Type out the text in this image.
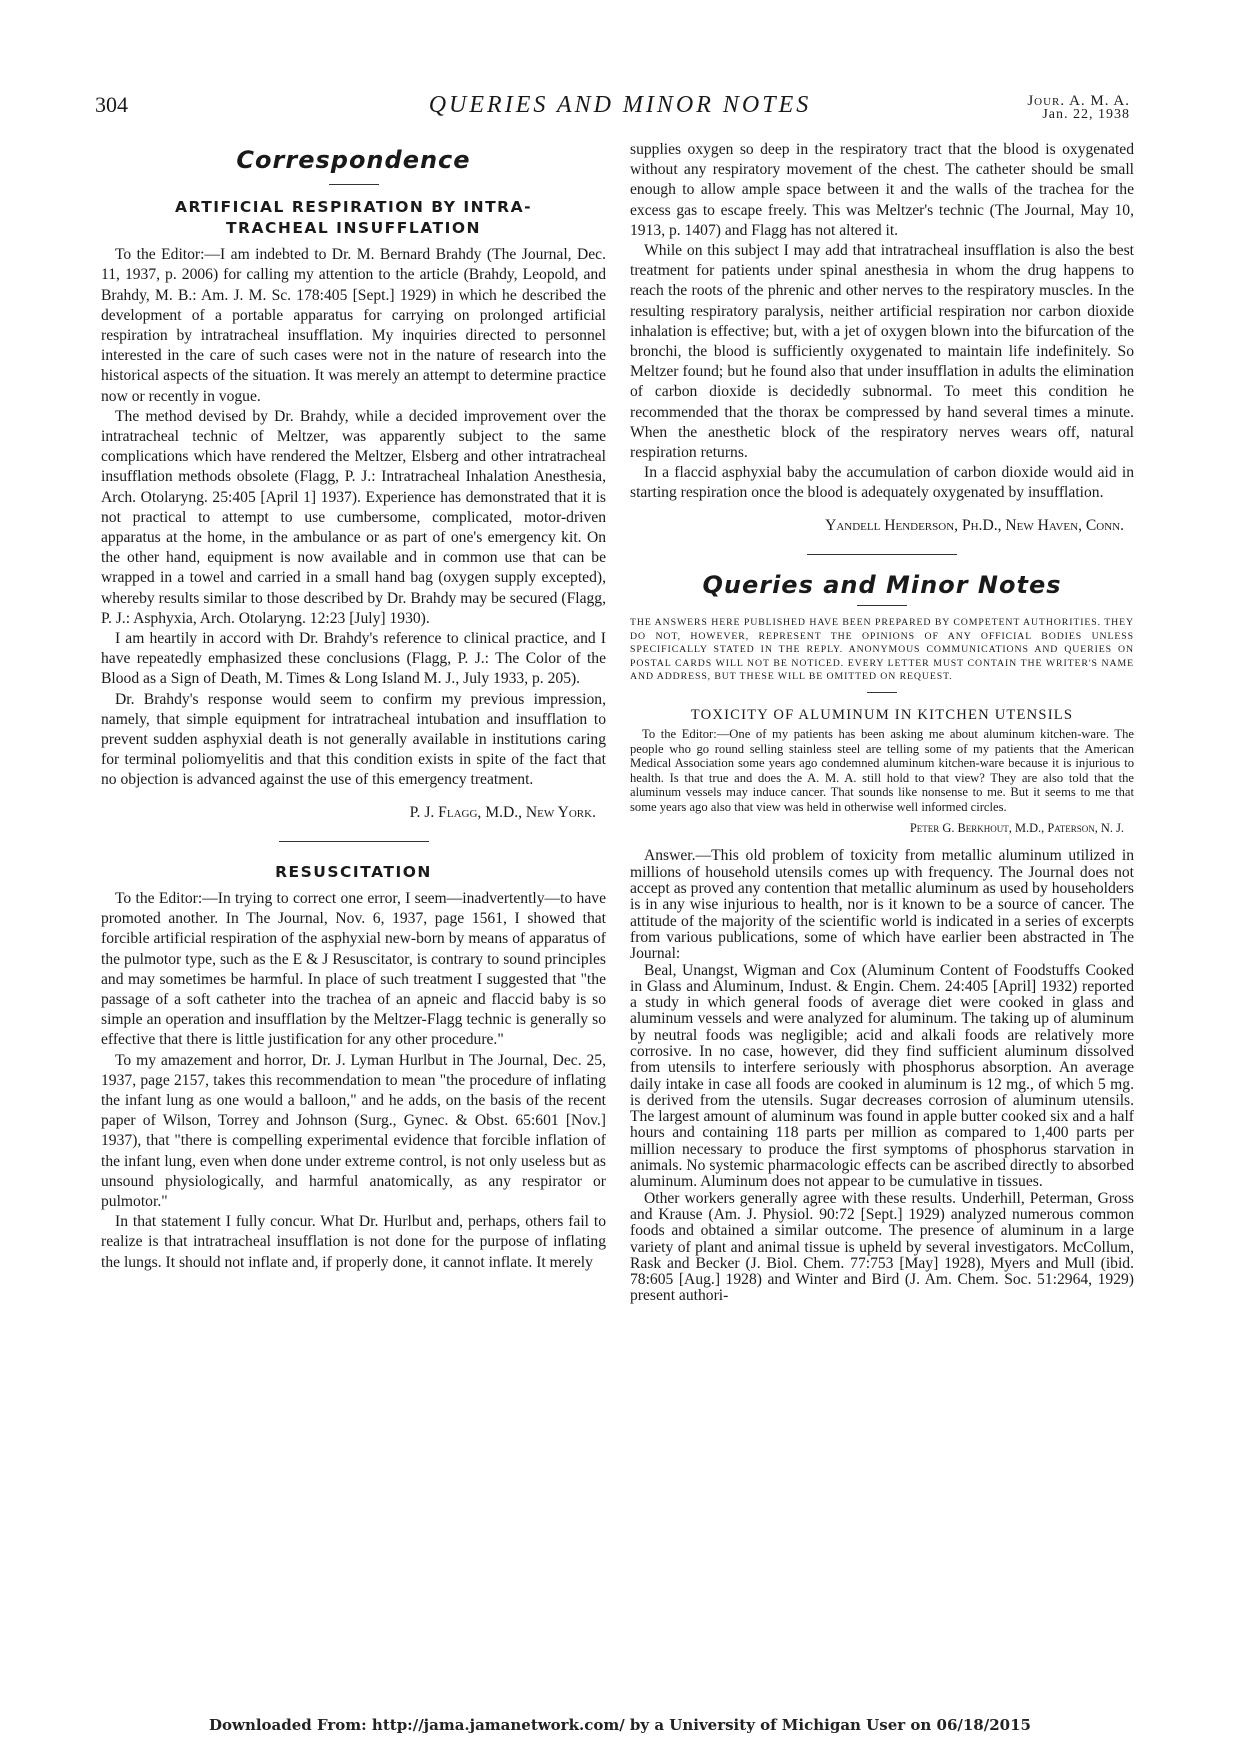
304	QUERIES AND MINOR NOTES	Jour. A. M. A.
Jan. 22, 1938
Correspondence
ARTIFICIAL RESPIRATION BY INTRA-
TRACHEAL INSUFFLATION

To the Editor:—I am indebted to Dr. M. Bernard Brahdy (The Journal, Dec. 11, 1937, p. 2006) for calling my attention to the article (Brahdy, Leopold, and Brahdy, M. B.: Am. J. M. Sc. 178:405 [Sept.] 1929) in which he described the development of a portable apparatus for carrying on prolonged artificial respiration by intratracheal insufflation. My inquiries directed to personnel interested in the care of such cases were not in the nature of research into the historical aspects of the situation. It was merely an attempt to determine practice now or recently in vogue.

The method devised by Dr. Brahdy, while a decided improvement over the intratracheal technic of Meltzer, was apparently subject to the same complications which have rendered the Meltzer, Elsberg and other intratracheal insufflation methods obsolete (Flagg, P. J.: Intratracheal Inhalation Anesthesia, Arch. Otolaryng. 25:405 [April 1] 1937). Experience has demonstrated that it is not practical to attempt to use cumbersome, complicated, motor-driven apparatus at the home, in the ambulance or as part of one's emergency kit. On the other hand, equipment is now available and in common use that can be wrapped in a towel and carried in a small hand bag (oxygen supply excepted), whereby results similar to those described by Dr. Brahdy may be secured (Flagg, P. J.: Asphyxia, Arch. Otolaryng. 12:23 [July] 1930).

I am heartily in accord with Dr. Brahdy's reference to clinical practice, and I have repeatedly emphasized these conclusions (Flagg, P. J.: The Color of the Blood as a Sign of Death, M. Times & Long Island M. J., July 1933, p. 205).

Dr. Brahdy's response would seem to confirm my previous impression, namely, that simple equipment for intratracheal intubation and insufflation to prevent sudden asphyxial death is not generally available in institutions caring for terminal poliomyelitis and that this condition exists in spite of the fact that no objection is advanced against the use of this emergency treatment.

P. J. Flagg, M.D., New York.
RESUSCITATION

To the Editor:—In trying to correct one error, I seem—inadvertently—to have promoted another. In The Journal, Nov. 6, 1937, page 1561, I showed that forcible artificial respiration of the asphyxial new-born by means of apparatus of the pulmotor type, such as the E & J Resuscitator, is contrary to sound principles and may sometimes be harmful. In place of such treatment I suggested that "the passage of a soft catheter into the trachea of an apneic and flaccid baby is so simple an operation and insufflation by the Meltzer-Flagg technic is generally so effective that there is little justification for any other procedure."

To my amazement and horror, Dr. J. Lyman Hurlbut in The Journal, Dec. 25, 1937, page 2157, takes this recommendation to mean "the procedure of inflating the infant lung as one would a balloon," and he adds, on the basis of the recent paper of Wilson, Torrey and Johnson (Surg., Gynec. & Obst. 65:601 [Nov.] 1937), that "there is compelling experimental evidence that forcible inflation of the infant lung, even when done under extreme control, is not only useless but as unsound physiologically, and harmful anatomically, as any respirator or pulmotor."

In that statement I fully concur. What Dr. Hurlbut and, perhaps, others fail to realize is that intratracheal insufflation is not done for the purpose of inflating the lungs. It should not inflate and, if properly done, it cannot inflate. It merely

supplies oxygen so deep in the respiratory tract that the blood is oxygenated without any respiratory movement of the chest. The catheter should be small enough to allow ample space between it and the walls of the trachea for the excess gas to escape freely. This was Meltzer's technic (The Journal, May 10, 1913, p. 1407) and Flagg has not altered it.

While on this subject I may add that intratracheal insufflation is also the best treatment for patients under spinal anesthesia in whom the drug happens to reach the roots of the phrenic and other nerves to the respiratory muscles. In the resulting respiratory paralysis, neither artificial respiration nor carbon dioxide inhalation is effective; but, with a jet of oxygen blown into the bifurcation of the bronchi, the blood is sufficiently oxygenated to maintain life indefinitely. So Meltzer found; but he found also that under insufflation in adults the elimination of carbon dioxide is decidedly subnormal. To meet this condition he recommended that the thorax be compressed by hand several times a minute. When the anesthetic block of the respiratory nerves wears off, natural respiration returns.

In a flaccid asphyxial baby the accumulation of carbon dioxide would aid in starting respiration once the blood is adequately oxygenated by insufflation.

Yandell Henderson, Ph.D., New Haven, Conn.
Queries and Minor Notes
THE ANSWERS HERE PUBLISHED HAVE BEEN PREPARED BY COMPETENT AUTHORITIES. THEY DO NOT, HOWEVER, REPRESENT THE OPINIONS OF ANY OFFICIAL BODIES UNLESS SPECIFICALLY STATED IN THE REPLY. ANONYMOUS COMMUNICATIONS AND QUERIES ON POSTAL CARDS WILL NOT BE NOTICED. EVERY LETTER MUST CONTAIN THE WRITER'S NAME AND ADDRESS, BUT THESE WILL BE OMITTED ON REQUEST.
TOXICITY OF ALUMINUM IN KITCHEN UTENSILS

To the Editor:—One of my patients has been asking me about aluminum kitchen-ware. The people who go round selling stainless steel are telling some of my patients that the American Medical Association some years ago condemned aluminum kitchen-ware because it is injurious to health. Is that true and does the A. M. A. still hold to that view? They are also told that the aluminum vessels may induce cancer. That sounds like nonsense to me. But it seems to me that some years ago also that view was held in otherwise well informed circles.

Peter G. Berkhout, M.D., Paterson, N. J.

Answer.—This old problem of toxicity from metallic aluminum utilized in millions of household utensils comes up with frequency. The Journal does not accept as proved any contention that metallic aluminum as used by householders is in any wise injurious to health, nor is it known to be a source of cancer. The attitude of the majority of the scientific world is indicated in a series of excerpts from various publications, some of which have earlier been abstracted in The Journal:

Beal, Unangst, Wigman and Cox (Aluminum Content of Foodstuffs Cooked in Glass and Aluminum, Indust. & Engin. Chem. 24:405 [April] 1932) reported a study in which general foods of average diet were cooked in glass and aluminum vessels and were analyzed for aluminum. The taking up of aluminum by neutral foods was negligible; acid and alkali foods are relatively more corrosive. In no case, however, did they find sufficient aluminum dissolved from utensils to interfere seriously with phosphorus absorption. An average daily intake in case all foods are cooked in aluminum is 12 mg., of which 5 mg. is derived from the utensils. Sugar decreases corrosion of aluminum utensils. The largest amount of aluminum was found in apple butter cooked six and a half hours and containing 118 parts per million as compared to 1,400 parts per million necessary to produce the first symptoms of phosphorus starvation in animals. No systemic pharmacologic effects can be ascribed directly to absorbed aluminum. Aluminum does not appear to be cumulative in tissues.

Other workers generally agree with these results. Underhill, Peterman, Gross and Krause (Am. J. Physiol. 90:72 [Sept.] 1929) analyzed numerous common foods and obtained a similar outcome. The presence of aluminum in a large variety of plant and animal tissue is upheld by several investigators. McCollum, Rask and Becker (J. Biol. Chem. 77:753 [May] 1928), Myers and Mull (ibid. 78:605 [Aug.] 1928) and Winter and Bird (J. Am. Chem. Soc. 51:2964, 1929) present authori-

Downloaded From: http://jama.jamanetwork.com/ by a University of Michigan User on 06/18/2015
